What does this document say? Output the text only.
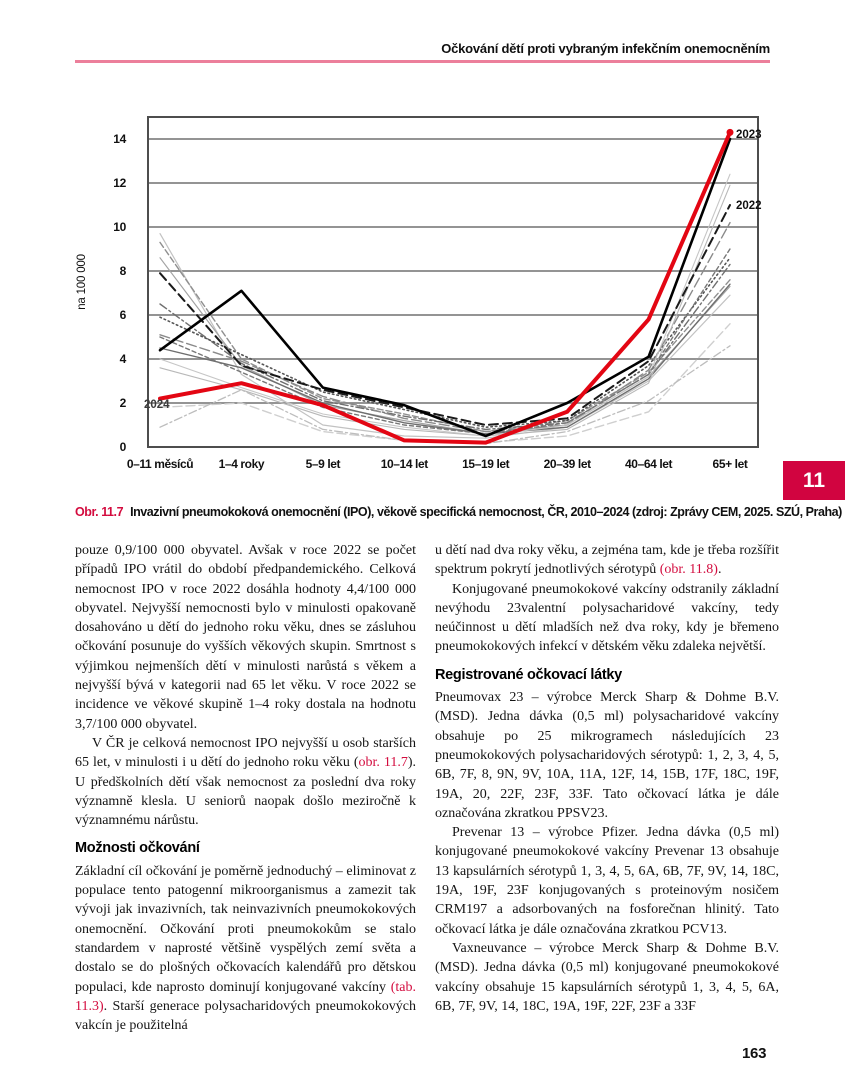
Očkování dětí proti vybraným infekčním onemocněním
0
2
4
6
8
10
12
14
0–11 měsíců 1–4 roky	5–9 let	10–14 let	15–19 let	20–39 let	40–64 let	65+ let
na 100 000
2024
2023
2022
Obr. 11.7 Invazivní pneumokoková onemocnění (IPO), věkově specifická nemocnost, ČR, 2010–2024 (zdroj: Zprávy CEM, 2025. SZÚ, Praha)

pouze 0,9/100 000 obyvatel. Avšak v roce 2022 se počet případů IPO vrátil do období předpandemického. Celková nemocnost IPO v roce 2022 dosáhla hodnoty 4,4/100 000 obyvatel. Nejvyšší nemocnosti bylo v minulosti opakovaně dosahováno u dětí do jednoho roku věku, dnes se zásluhou očkování posunuje do vyšších věkových skupin. Smrtnost s výjimkou nejmenších dětí v minulosti narůstá s věkem a nejvyšší bývá v kategorii nad 65 let věku. V roce 2022 se incidence ve věkové skupině 1–4 roky dostala na hodnotu 3,7/100 000 obyvatel.

V ČR je celková nemocnost IPO nejvyšší u osob starších 65 let, v minulosti i u dětí do jednoho roku věku (obr. 11.7). U předškolních dětí však nemocnost za poslední dva roky významně klesla. U seniorů naopak došlo meziročně k významnému nárůstu.

Možnosti očkování

Základní cíl očkování je poměrně jednoduchý – eliminovat z populace tento patogenní mikroorganismus a zamezit tak vývoji jak invazivních, tak neinvazivních pneumokokových onemocnění. Očkování proti pneumokokům se stalo standardem v naprosté většině vyspělých zemí světa a dostalo se do plošných očkovacích kalendářů pro dětskou populaci, kde naprosto dominují konjugované vakcíny (tab. 11.3). Starší generace polysacharidových pneumokokových vakcín je použitelná

u dětí nad dva roky věku, a zejména tam, kde je třeba rozšířit spektrum pokrytí jednotlivých sérotypů (obr. 11.8).

Konjugované pneumokokové vakcíny odstranily základní nevýhodu 23valentní polysacharidové vakcíny, tedy neúčinnost u dětí mladších než dva roky, kdy je břemeno pneumokokových infekcí v dětském věku zdaleka největší.

Registrované očkovací látky

Pneumovax 23 – výrobce Merck Sharp & Dohme B.V. (MSD). Jedna dávka (0,5 ml) polysacharidové vakcíny obsahuje po 25 mikrogramech následujících 23 pneumokokových polysacharidových sérotypů: 1, 2, 3, 4, 5, 6B, 7F, 8, 9N, 9V, 10A, 11A, 12F, 14, 15B, 17F, 18C, 19F, 19A, 20, 22F, 23F, 33F. Tato očkovací látka je dále označována zkratkou PPSV23.

Prevenar 13 – výrobce Pfizer. Jedna dávka (0,5 ml) konjugované pneumokokové vakcíny Prevenar 13 obsahuje 13 kapsulárních sérotypů 1, 3, 4, 5, 6A, 6B, 7F, 9V, 14, 18C, 19A, 19F, 23F konjugovaných s proteinovým nosičem CRM197 a adsorbovaných na fosforečnan hlinitý. Tato očkovací látka je dále označována zkratkou PCV13.

Vaxneuvance – výrobce Merck Sharp & Dohme B.V. (MSD). Jedna dávka (0,5 ml) konjugované pneumokokové vakcíny obsahuje 15 kapsulárních sérotypů 1, 3, 4, 5, 6A, 6B, 7F, 9V, 14, 18C, 19A, 19F, 22F, 23F a 33F

11
163
